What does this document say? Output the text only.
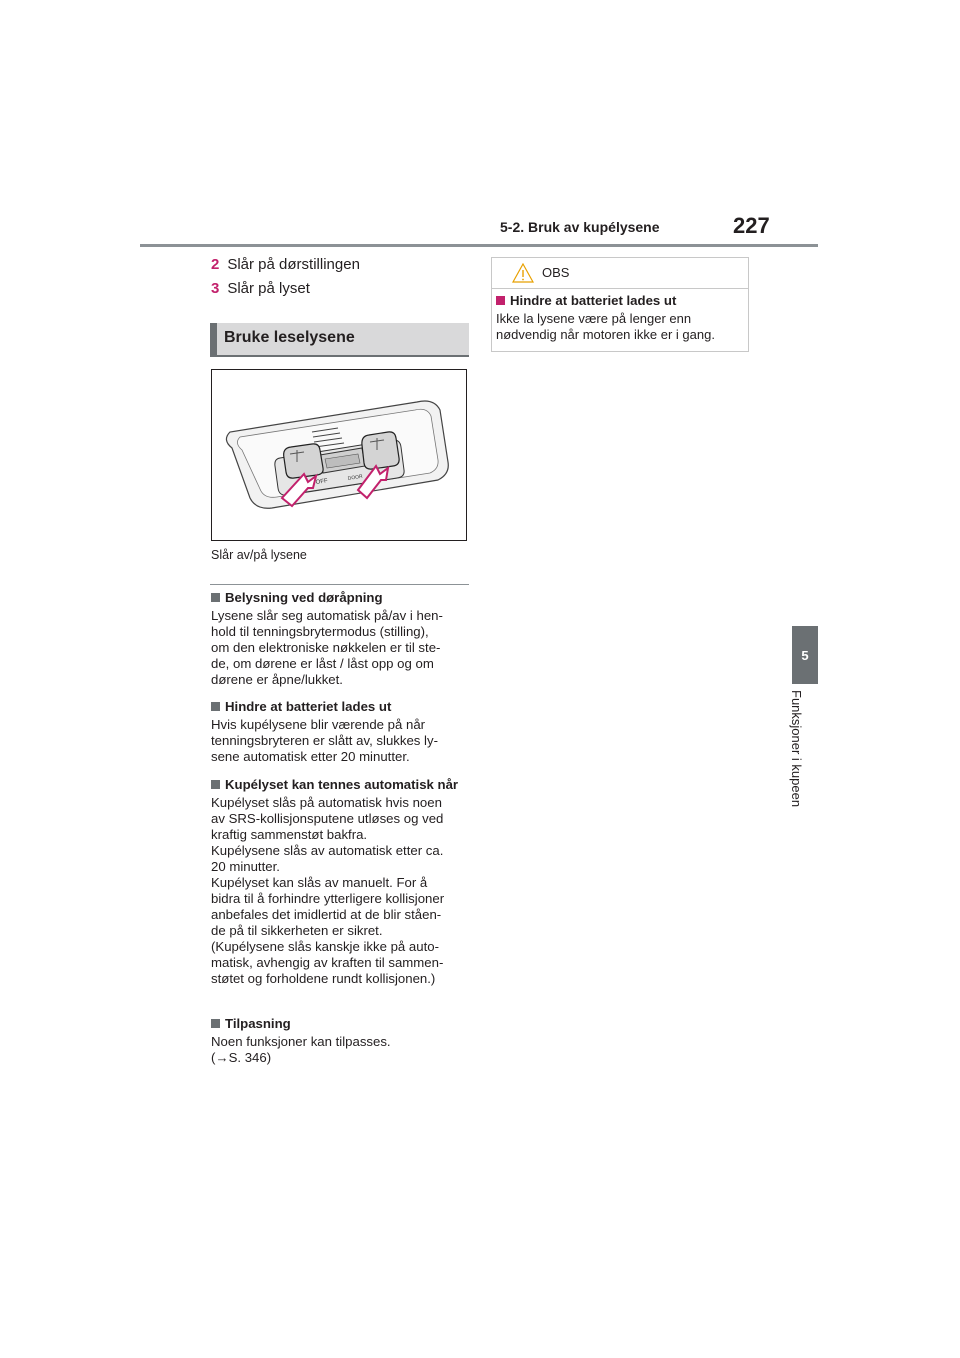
5-2. Bruk av kupélysene	227
5
Funksjoner i kupeen
2 Slår på dørstillingen
3 Slår på lyset
Bruke leselysene
OFF
DOOR
Slår av/på lysene
Belysning ved døråpning
Lysene slår seg automatisk på/av i hen-
hold til tenningsbrytermodus (stilling),
om den elektroniske nøkkelen er til ste-
de, om dørene er låst / låst opp og om
dørene er åpne/lukket.
Hindre at batteriet lades ut
Hvis kupélysene blir værende på når
tenningsbryteren er slått av, slukkes ly-
sene automatisk etter 20 minutter.
Kupélyset kan tennes automatisk når
Kupélyset slås på automatisk hvis noen
av SRS-kollisjonsputene utløses og ved
kraftig sammenstøt bakfra.
Kupélysene slås av automatisk etter ca.
20 minutter.
Kupélyset kan slås av manuelt. For å
bidra til å forhindre ytterligere kollisjoner
anbefales det imidlertid at de blir ståen-
de på til sikkerheten er sikret.
(Kupélysene slås kanskje ikke på auto-
matisk, avhengig av kraften til sammen-
støtet og forholdene rundt kollisjonen.)
Tilpasning
Noen funksjoner kan tilpasses.
(→S. 346)
OBS
Hindre at batteriet lades ut
Ikke la lysene være på lenger enn
nødvendig når motoren ikke er i gang.
